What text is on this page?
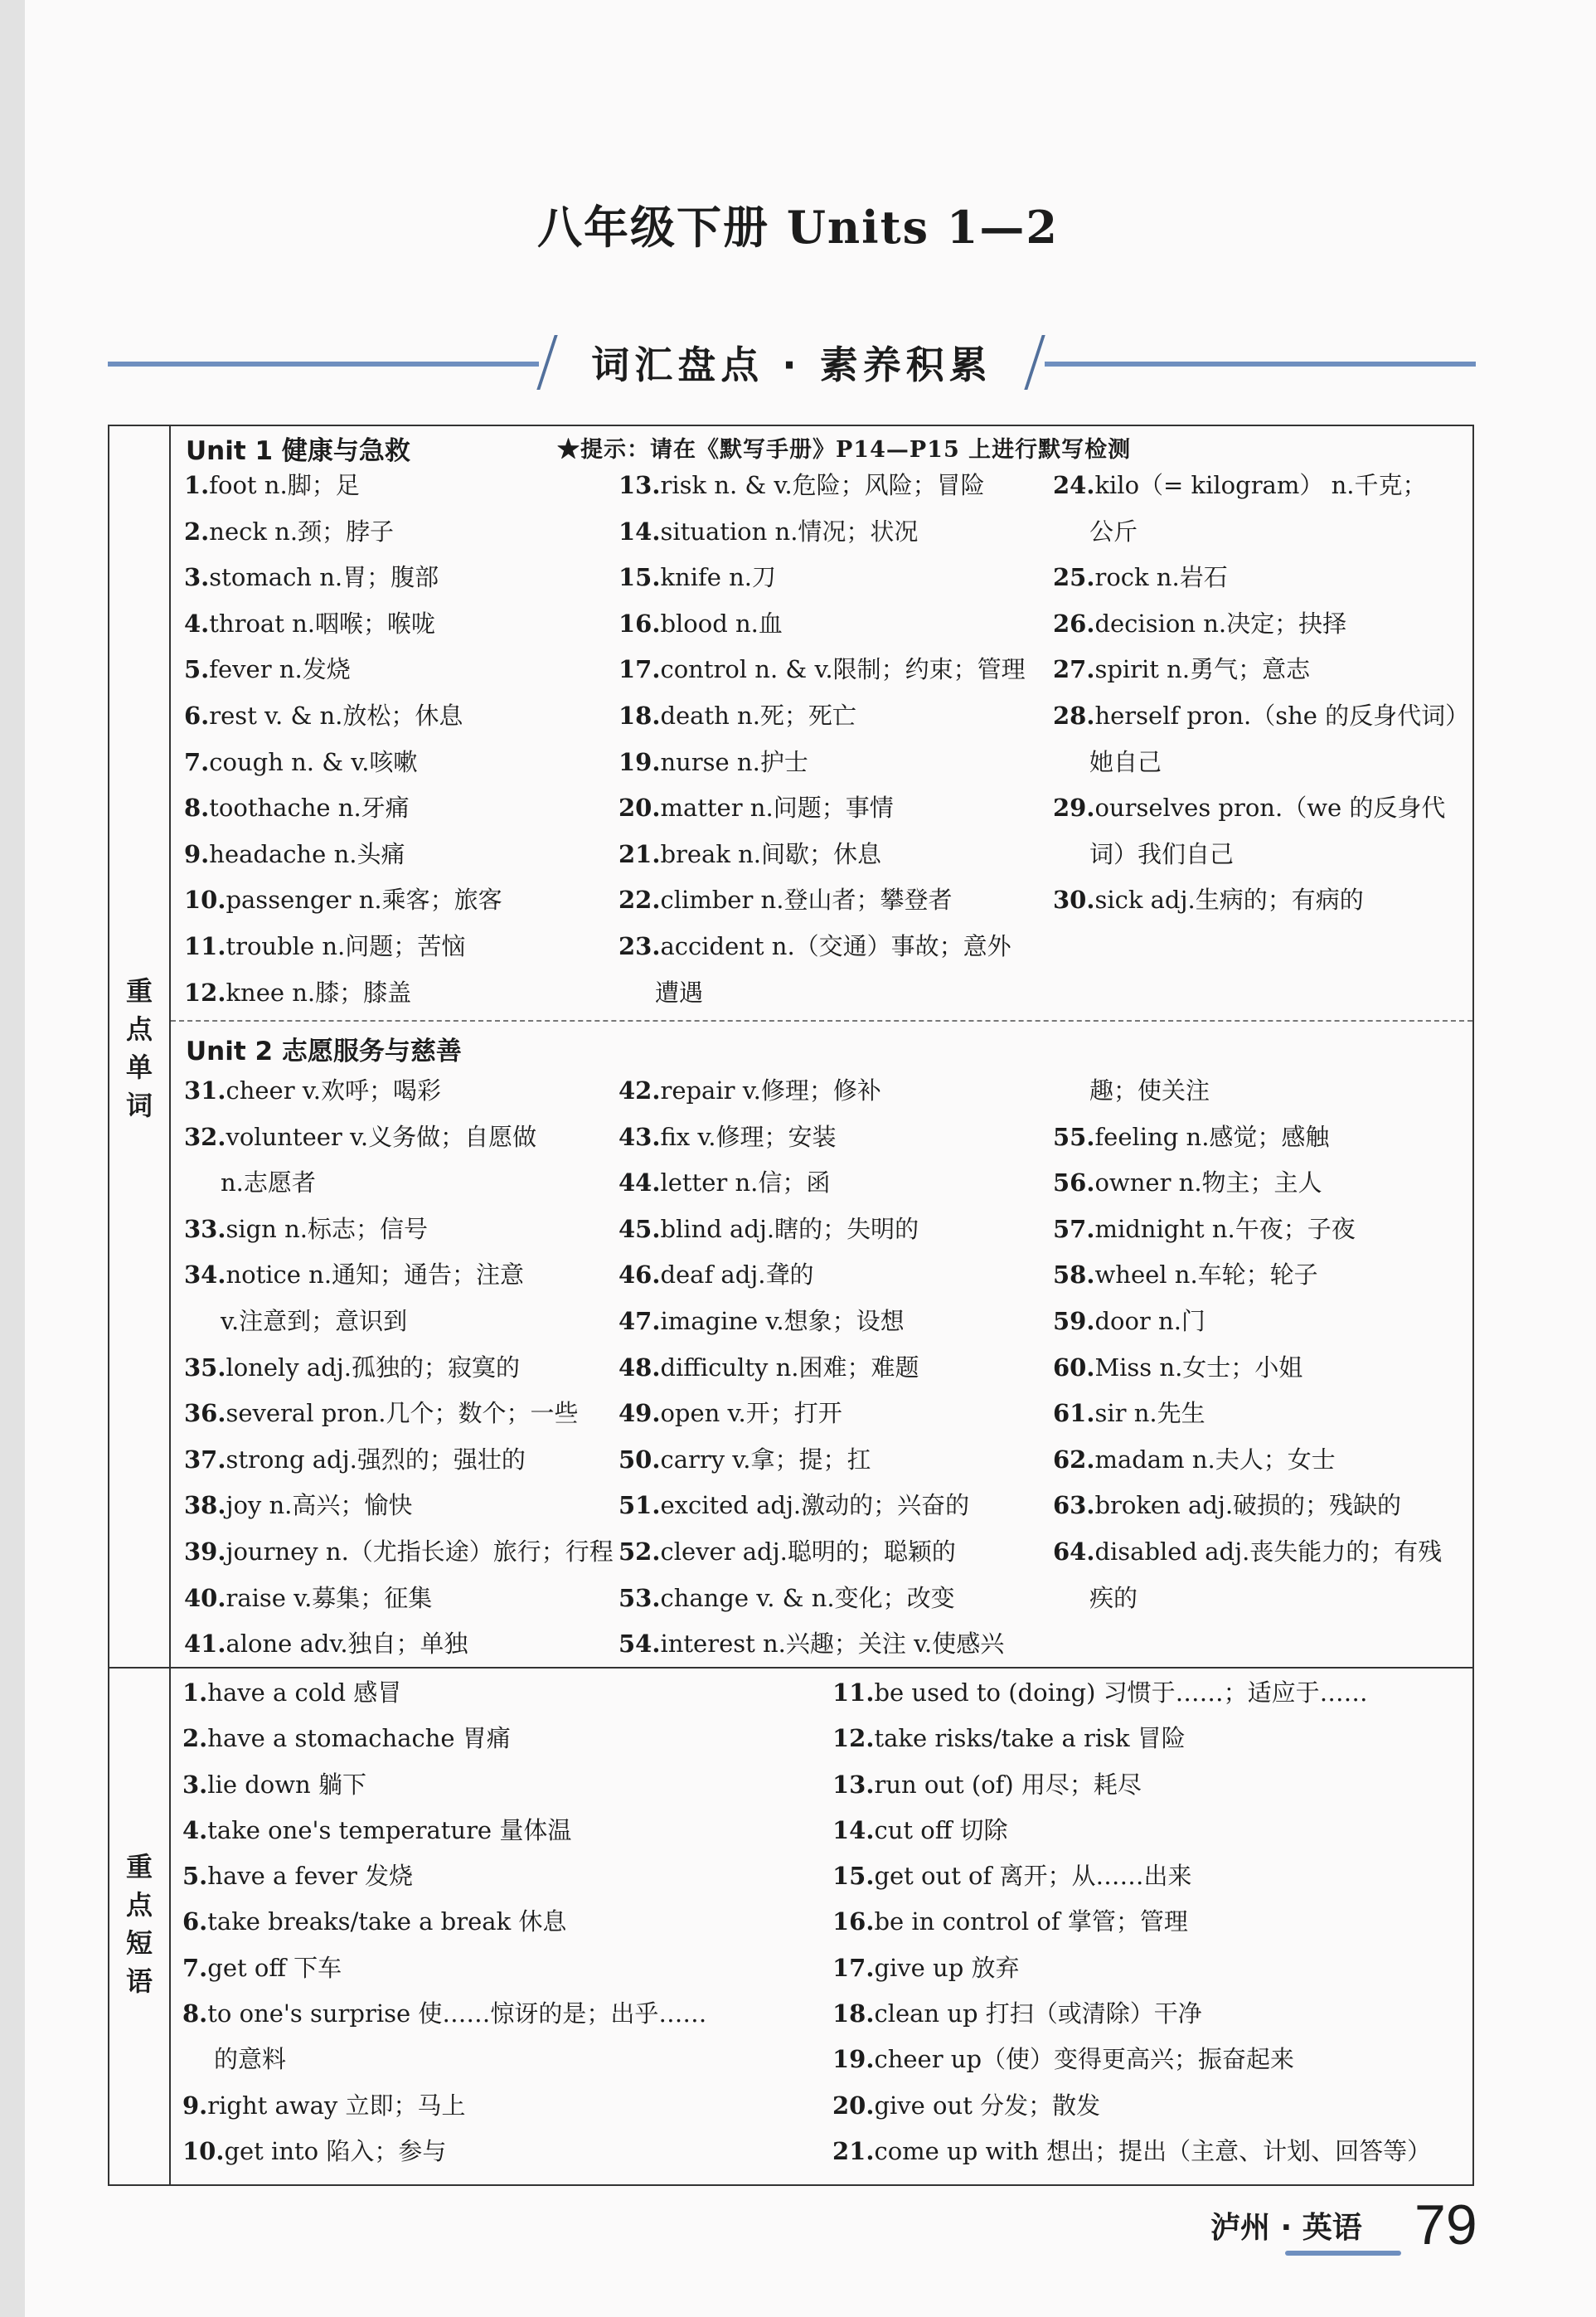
八年级下册 Units 1—2
词汇盘点 · 素养积累
重
点
单
词
Unit 1 健康与急救	★提示：请在《默写手册》P14—P15 上进行默写检测
1.foot n.脚；足
2.neck n.颈；脖子
3.stomach n.胃；腹部
4.throat n.咽喉；喉咙
5.fever n.发烧
6.rest v. & n.放松；休息
7.cough n. & v.咳嗽
8.toothache n.牙痛
9.headache n.头痛
10.passenger n.乘客；旅客
11.trouble n.问题；苦恼
12.knee n.膝；膝盖
13.risk n. & v.危险；风险；冒险
14.situation n.情况；状况
15.knife n.刀
16.blood n.血
17.control n. & v.限制；约束；管理
18.death n.死；死亡
19.nurse n.护士
20.matter n.问题；事情
21.break n.间歇；休息
22.climber n.登山者；攀登者
23.accident n.（交通）事故；意外
遭遇
24.kilo（= kilogram） n.千克；
公斤
25.rock n.岩石
26.decision n.决定；抉择
27.spirit n.勇气；意志
28.herself pron.（she 的反身代词）
她自己
29.ourselves pron.（we 的反身代
词）我们自己
30.sick adj.生病的；有病的
Unit 2 志愿服务与慈善
31.cheer v.欢呼；喝彩
32.volunteer v.义务做；自愿做
n.志愿者
33.sign n.标志；信号
34.notice n.通知；通告；注意
v.注意到；意识到
35.lonely adj.孤独的；寂寞的
36.several pron.几个；数个；一些
37.strong adj.强烈的；强壮的
38.joy n.高兴；愉快
39.journey n.（尤指长途）旅行；行程
40.raise v.募集；征集
41.alone adv.独自；单独
42.repair v.修理；修补
43.fix v.修理；安装
44.letter n.信；函
45.blind adj.瞎的；失明的
46.deaf adj.聋的
47.imagine v.想象；设想
48.difficulty n.困难；难题
49.open v.开；打开
50.carry v.拿；提；扛
51.excited adj.激动的；兴奋的
52.clever adj.聪明的；聪颖的
53.change v. & n.变化；改变
54.interest n.兴趣；关注 v.使感兴
趣；使关注
55.feeling n.感觉；感触
56.owner n.物主；主人
57.midnight n.午夜；子夜
58.wheel n.车轮；轮子
59.door n.门
60.Miss n.女士；小姐
61.sir n.先生
62.madam n.夫人；女士
63.broken adj.破损的；残缺的
64.disabled adj.丧失能力的；有残
疾的
重
点
短
语
1.have a cold 感冒
2.have a stomachache 胃痛
3.lie down 躺下
4.take one's temperature 量体温
5.have a fever 发烧
6.take breaks/take a break 休息
7.get off 下车
8.to one's surprise 使……惊讶的是；出乎……
的意料
9.right away 立即；马上
10.get into 陷入；参与
11.be used to (doing) 习惯于……；适应于……
12.take risks/take a risk 冒险
13.run out (of) 用尽；耗尽
14.cut off 切除
15.get out of 离开；从……出来
16.be in control of 掌管；管理
17.give up 放弃
18.clean up 打扫（或清除）干净
19.cheer up（使）变得更高兴；振奋起来
20.give out 分发；散发
21.come up with 想出；提出（主意、计划、回答等）
泸州 · 英语 79
